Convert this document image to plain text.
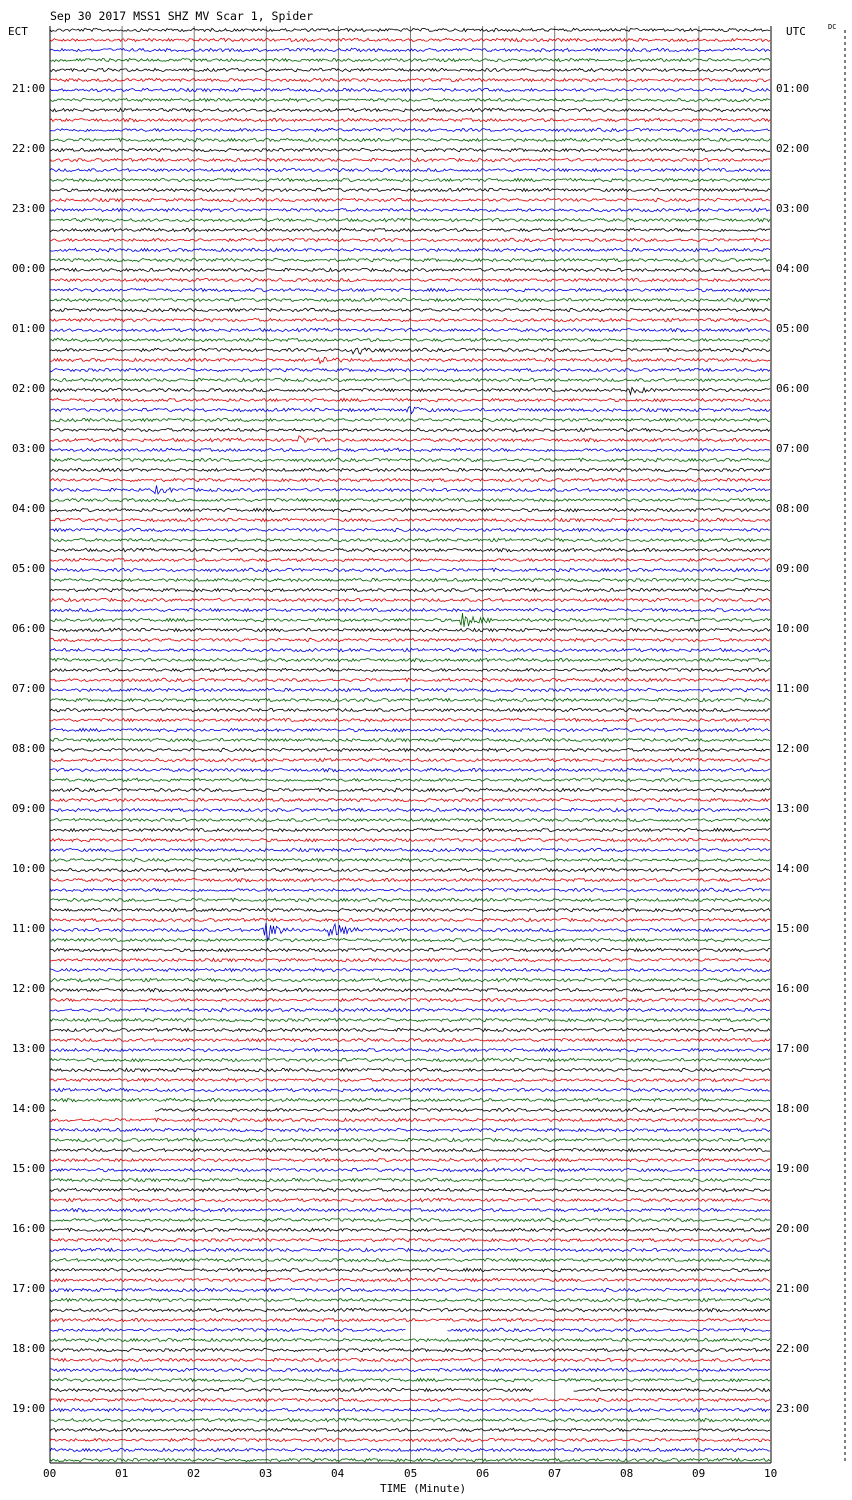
Sep 30 2017 MSS1 SHZ MV Scar 1, Spider
ECT	UTC	DC
21:00
22:00
23:00
00:00
01:00
02:00
03:00
04:00
05:00
06:00
07:00
08:00
09:00
10:00
11:00
12:00
13:00
14:00
15:00
16:00
17:00
18:00
19:00
01:00
02:00
03:00
04:00
05:00
06:00
07:00
08:00
09:00
10:00
11:00
12:00
13:00
14:00
15:00
16:00
17:00
18:00
19:00
20:00
21:00
22:00
23:00
00	01	02	03	04	05	06	07	08	09	10
TIME (Minute)
